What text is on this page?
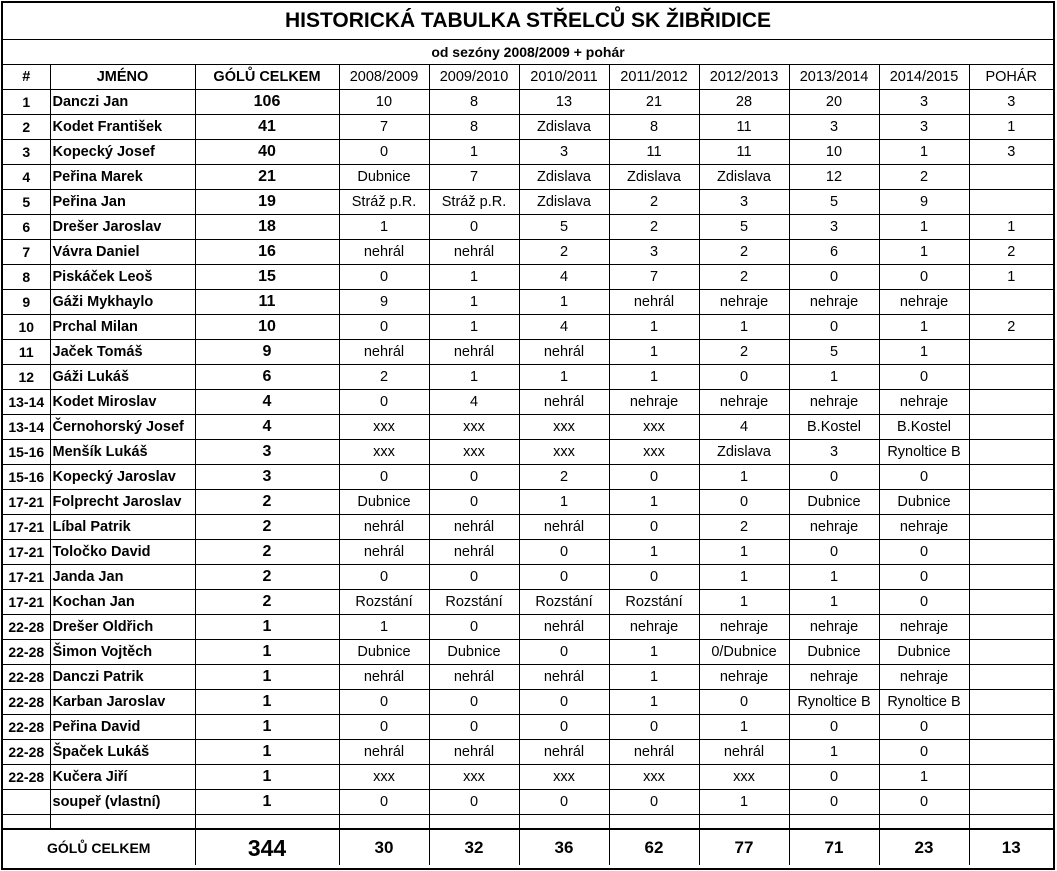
HISTORICKÁ TABULKA STŘELCŮ SK ŽIBŘIDICE
od sezóny 2008/2009 + pohár
#	JMÉNO	GÓLŮ CELKEM	2008/2009	2009/2010	2010/2011	2011/2012	2012/2013	2013/2014	2014/2015	POHÁR
1	Danczi Jan	106	10	8	13	21	28	20	3	3
2	Kodet František	41	7	8	Zdislava	8	11	3	3	1
3	Kopecký Josef	40	0	1	3	11	11	10	1	3
4	Peřina Marek	21	Dubnice	7	Zdislava	Zdislava	Zdislava	12	2	
5	Peřina Jan	19	Stráž p.R.	Stráž p.R.	Zdislava	2	3	5	9	
6	Drešer Jaroslav	18	1	0	5	2	5	3	1	1
7	Vávra Daniel	16	nehrál	nehrál	2	3	2	6	1	2
8	Piskáček Leoš	15	0	1	4	7	2	0	0	1
9	Gáži Mykhaylo	11	9	1	1	nehrál	nehraje	nehraje	nehraje	
10	Prchal Milan	10	0	1	4	1	1	0	1	2
11	Jaček Tomáš	9	nehrál	nehrál	nehrál	1	2	5	1	
12	Gáži Lukáš	6	2	1	1	1	0	1	0	
13-14	Kodet Miroslav	4	0	4	nehrál	nehraje	nehraje	nehraje	nehraje	
13-14	Černohorský Josef	4	xxx	xxx	xxx	xxx	4	B.Kostel	B.Kostel	
15-16	Menšík Lukáš	3	xxx	xxx	xxx	xxx	Zdislava	3	Rynoltice B	
15-16	Kopecký Jaroslav	3	0	0	2	0	1	0	0	
17-21	Folprecht Jaroslav	2	Dubnice	0	1	1	0	Dubnice	Dubnice	
17-21	Líbal Patrik	2	nehrál	nehrál	nehrál	0	2	nehraje	nehraje	
17-21	Toločko David	2	nehrál	nehrál	0	1	1	0	0	
17-21	Janda Jan	2	0	0	0	0	1	1	0	
17-21	Kochan Jan	2	Rozstání	Rozstání	Rozstání	Rozstání	1	1	0	
22-28	Drešer Oldřich	1	1	0	nehrál	nehraje	nehraje	nehraje	nehraje	
22-28	Šimon Vojtěch	1	Dubnice	Dubnice	0	1	0/Dubnice	Dubnice	Dubnice	
22-28	Danczi Patrik	1	nehrál	nehrál	nehrál	1	nehraje	nehraje	nehraje	
22-28	Karban Jaroslav	1	0	0	0	1	0	Rynoltice B	Rynoltice B	
22-28	Peřina David	1	0	0	0	0	1	0	0	
22-28	Špaček Lukáš	1	nehrál	nehrál	nehrál	nehrál	nehrál	1	0	
22-28	Kučera Jiří	1	xxx	xxx	xxx	xxx	xxx	0	1	
	soupeř (vlastní)	1	0	0	0	0	1	0	0	

GÓLŮ CELKEM		344	30	32	36	62	77	71	23	13
